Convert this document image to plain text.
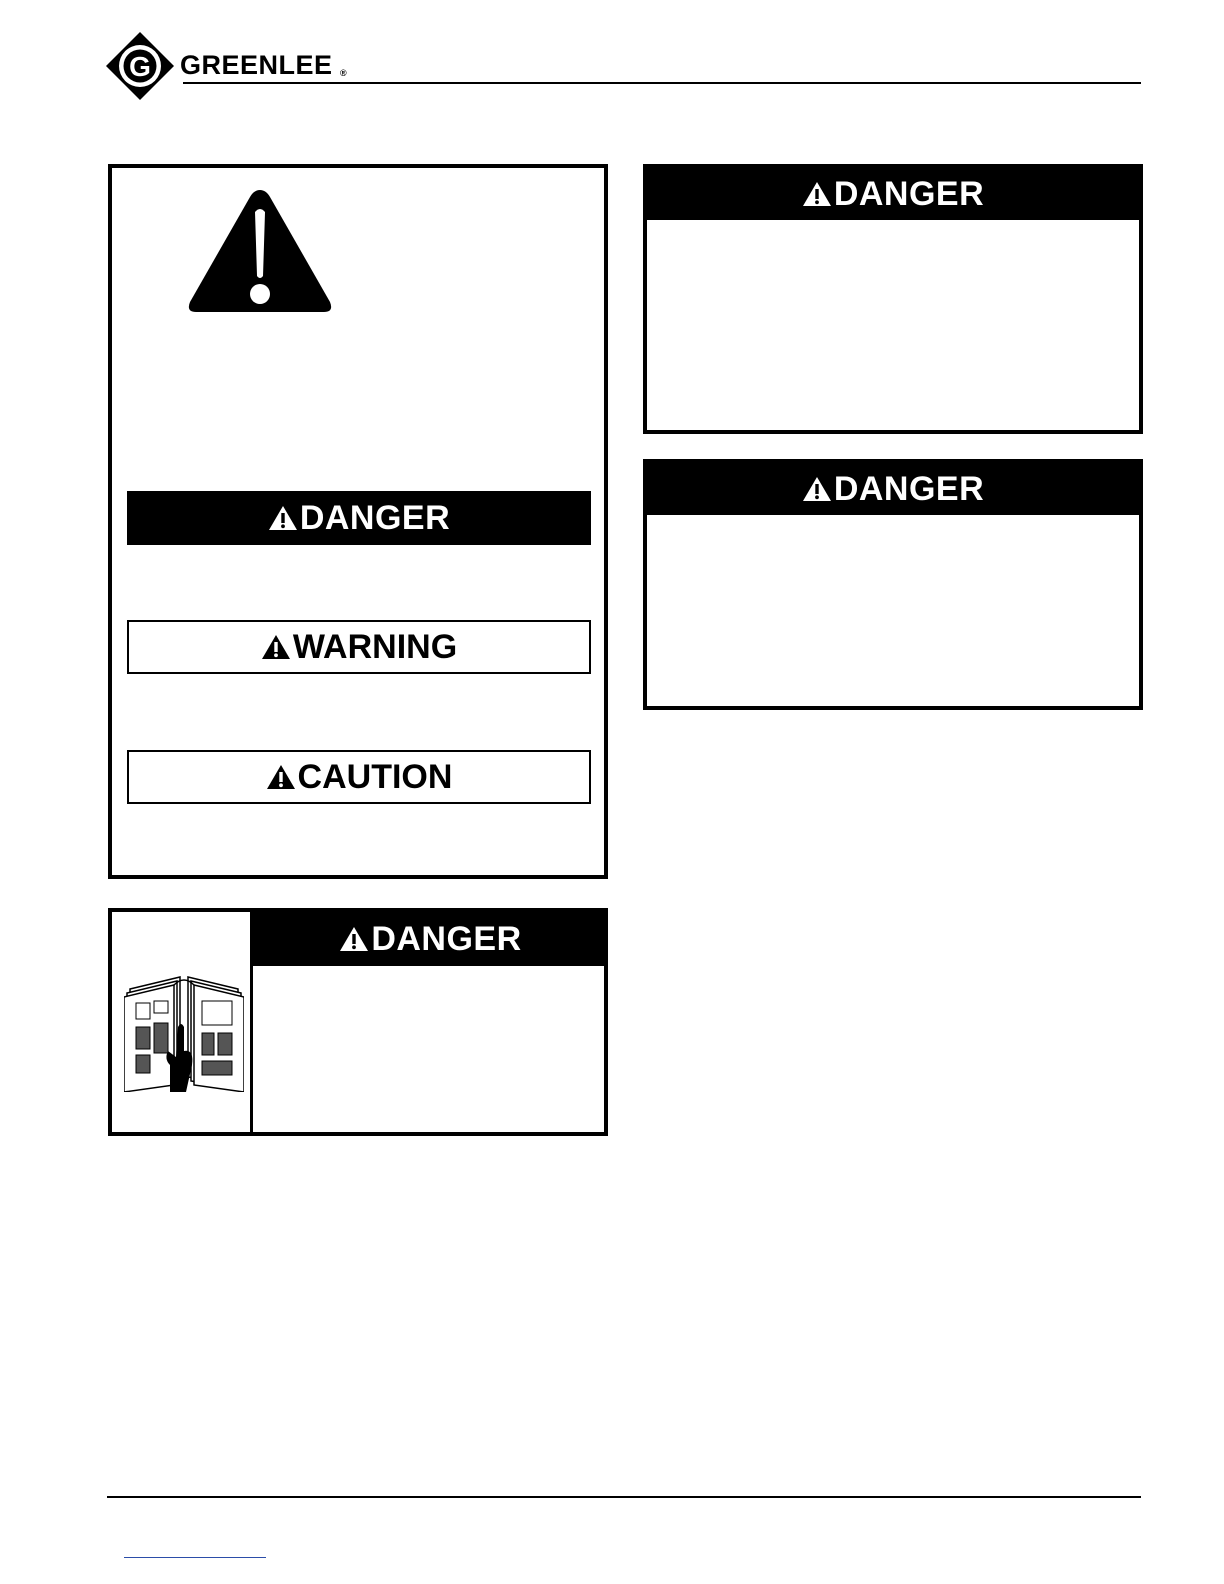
G GREENLEE ®
DANGER
WARNING
CAUTION
DANGER
DANGER
DANGER
